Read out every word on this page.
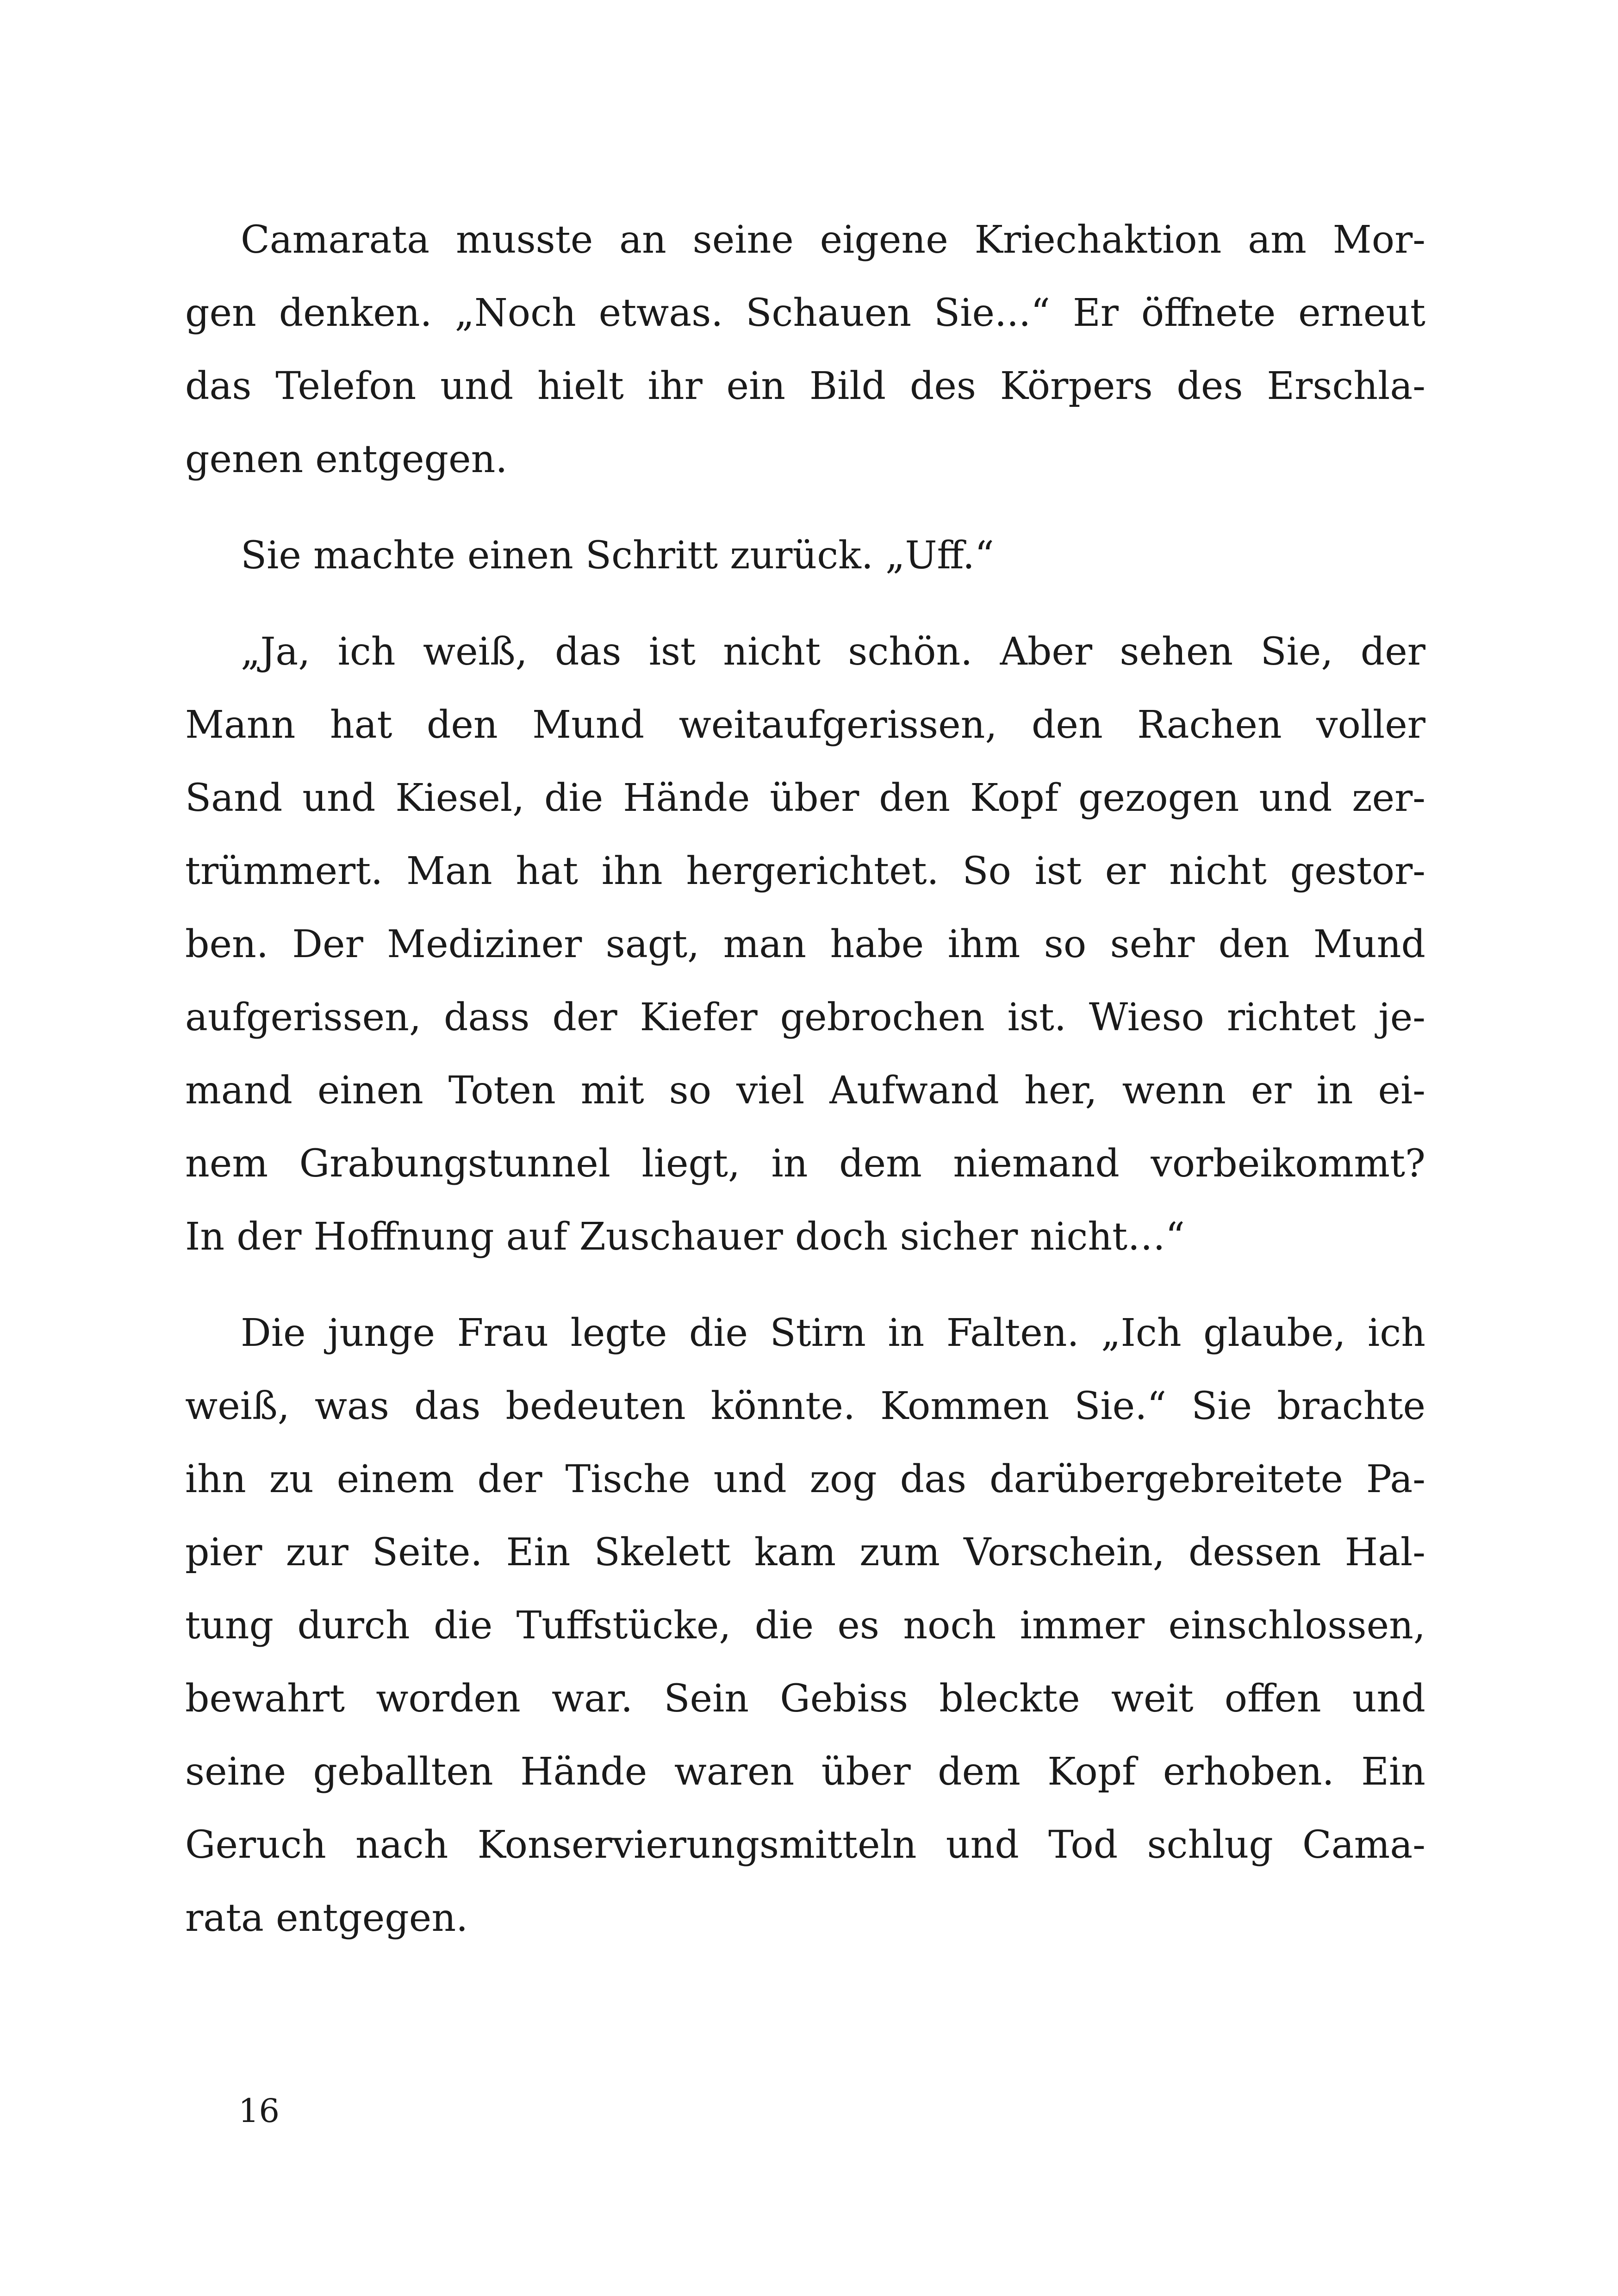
Camarata musste an seine eigene Kriechaktion am Mor-
gen denken. „Noch etwas. Schauen Sie...“ Er öffnete erneut
das Telefon und hielt ihr ein Bild des Körpers des Erschla-
genen entgegen.

Sie machte einen Schritt zurück. „Uff.“

„Ja, ich weiß, das ist nicht schön. Aber sehen Sie, der
Mann hat den Mund weitaufgerissen, den Rachen voller
Sand und Kiesel, die Hände über den Kopf gezogen und zer-
trümmert. Man hat ihn hergerichtet. So ist er nicht gestor-
ben. Der Mediziner sagt, man habe ihm so sehr den Mund
aufgerissen, dass der Kiefer gebrochen ist. Wieso richtet je-
mand einen Toten mit so viel Aufwand her, wenn er in ei-
nem Grabungstunnel liegt, in dem niemand vorbeikommt?
In der Hoffnung auf Zuschauer doch sicher nicht…“

Die junge Frau legte die Stirn in Falten. „Ich glaube, ich
weiß, was das bedeuten könnte. Kommen Sie.“ Sie brachte
ihn zu einem der Tische und zog das darübergebreitete Pa-
pier zur Seite. Ein Skelett kam zum Vorschein, dessen Hal-
tung durch die Tuffstücke, die es noch immer einschlossen,
bewahrt worden war. Sein Gebiss bleckte weit offen und
seine geballten Hände waren über dem Kopf erhoben. Ein
Geruch nach Konservierungsmitteln und Tod schlug Cama-
rata entgegen.

16
